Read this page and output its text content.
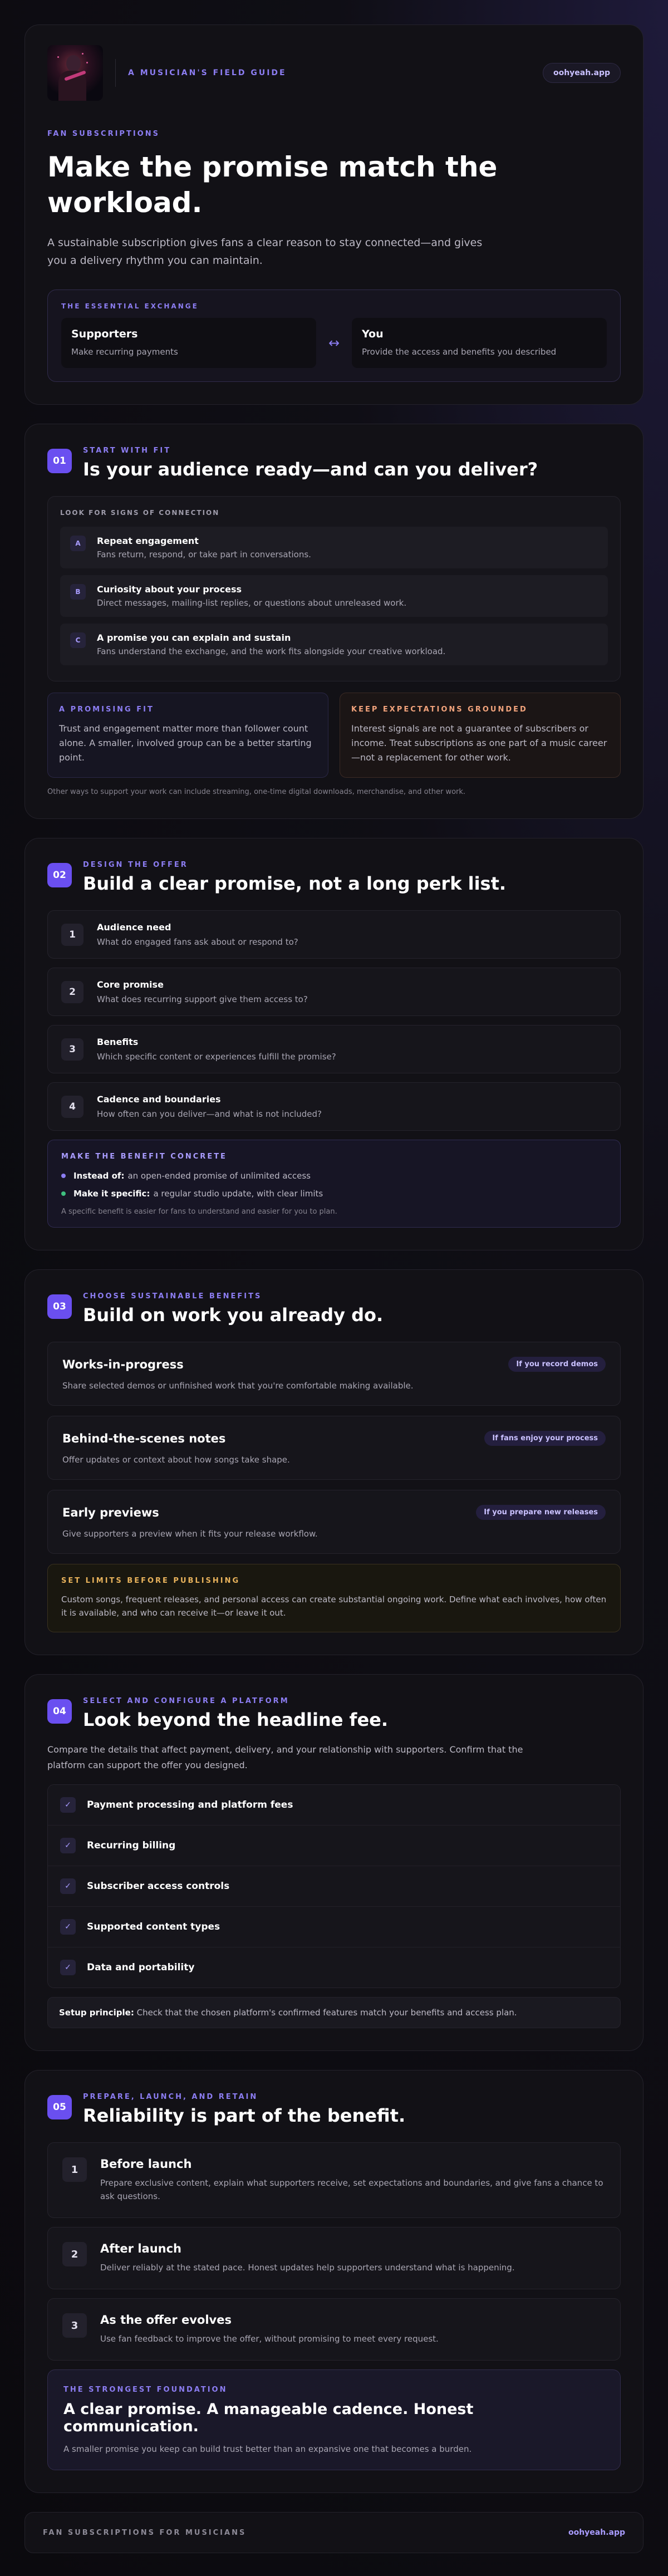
A MUSICIAN'S FIELD GUIDE	oohyeah.app
FAN SUBSCRIPTIONS
Make the promise match the workload.

A sustainable subscription gives fans a clear reason to stay connected—and gives you a delivery rhythm you can maintain.

THE ESSENTIAL EXCHANGE
Supporters
Make recurring payments
↔
You
Provide the access and benefits you described
01
START WITH FIT
Is your audience ready—and can you deliver?
LOOK FOR SIGNS OF CONNECTION
A	Repeat engagement
Fans return, respond, or take part in conversations.
B	Curiosity about your process
Direct messages, mailing-list replies, or questions about unreleased work.
C	A promise you can explain and sustain
Fans understand the exchange, and the work fits alongside your creative workload.
A PROMISING FIT

Trust and engagement matter more than follower count alone. A smaller, involved group can be a better starting point.

KEEP EXPECTATIONS GROUNDED

Interest signals are not a guarantee of subscribers or income. Treat subscriptions as one part of a music career—not a replacement for other work.

Other ways to support your work can include streaming, one-time digital downloads, merchandise, and other work.
02
DESIGN THE OFFER
Build a clear promise, not a long perk list.
1
Audience need
What do engaged fans ask about or respond to?
2
Core promise
What does recurring support give them access to?
3
Benefits
Which specific content or experiences fulfill the promise?
4
Cadence and boundaries
How often can you deliver—and what is not included?
MAKE THE BENEFIT CONCRETE
Instead of: an open-ended promise of unlimited access
Make it specific: a regular studio update, with clear limits
A specific benefit is easier for fans to understand and easier for you to plan.
03
CHOOSE SUSTAINABLE BENEFITS
Build on work you already do.
Works-in-progress	If you record demos
Share selected demos or unfinished work that you're comfortable making available.
Behind-the-scenes notes	If fans enjoy your process
Offer updates or context about how songs take shape.
Early previews	If you prepare new releases
Give supporters a preview when it fits your release workflow.
SET LIMITS BEFORE PUBLISHING

Custom songs, frequent releases, and personal access can create substantial ongoing work. Define what each involves, how often it is available, and who can receive it—or leave it out.

04
SELECT AND CONFIGURE A PLATFORM
Look beyond the headline fee.

Compare the details that affect payment, delivery, and your relationship with supporters. Confirm that the platform can support the offer you designed.

✓	Payment processing and platform fees
✓	Recurring billing
✓	Subscriber access controls
✓	Supported content types
✓	Data and portability
Setup principle: Check that the chosen platform's confirmed features match your benefits and access plan.
05
PREPARE, LAUNCH, AND RETAIN
Reliability is part of the benefit.
1	Before launch
Prepare exclusive content, explain what supporters receive, set expectations and boundaries, and give fans a chance to ask questions.
2	After launch
Deliver reliably at the stated pace. Honest updates help supporters understand what is happening.
3	As the offer evolves
Use fan feedback to improve the offer, without promising to meet every request.
THE STRONGEST FOUNDATION
A clear promise. A manageable cadence. Honest communication.

A smaller promise you keep can build trust better than an expansive one that becomes a burden.

FAN SUBSCRIPTIONS FOR MUSICIANS	oohyeah.app
